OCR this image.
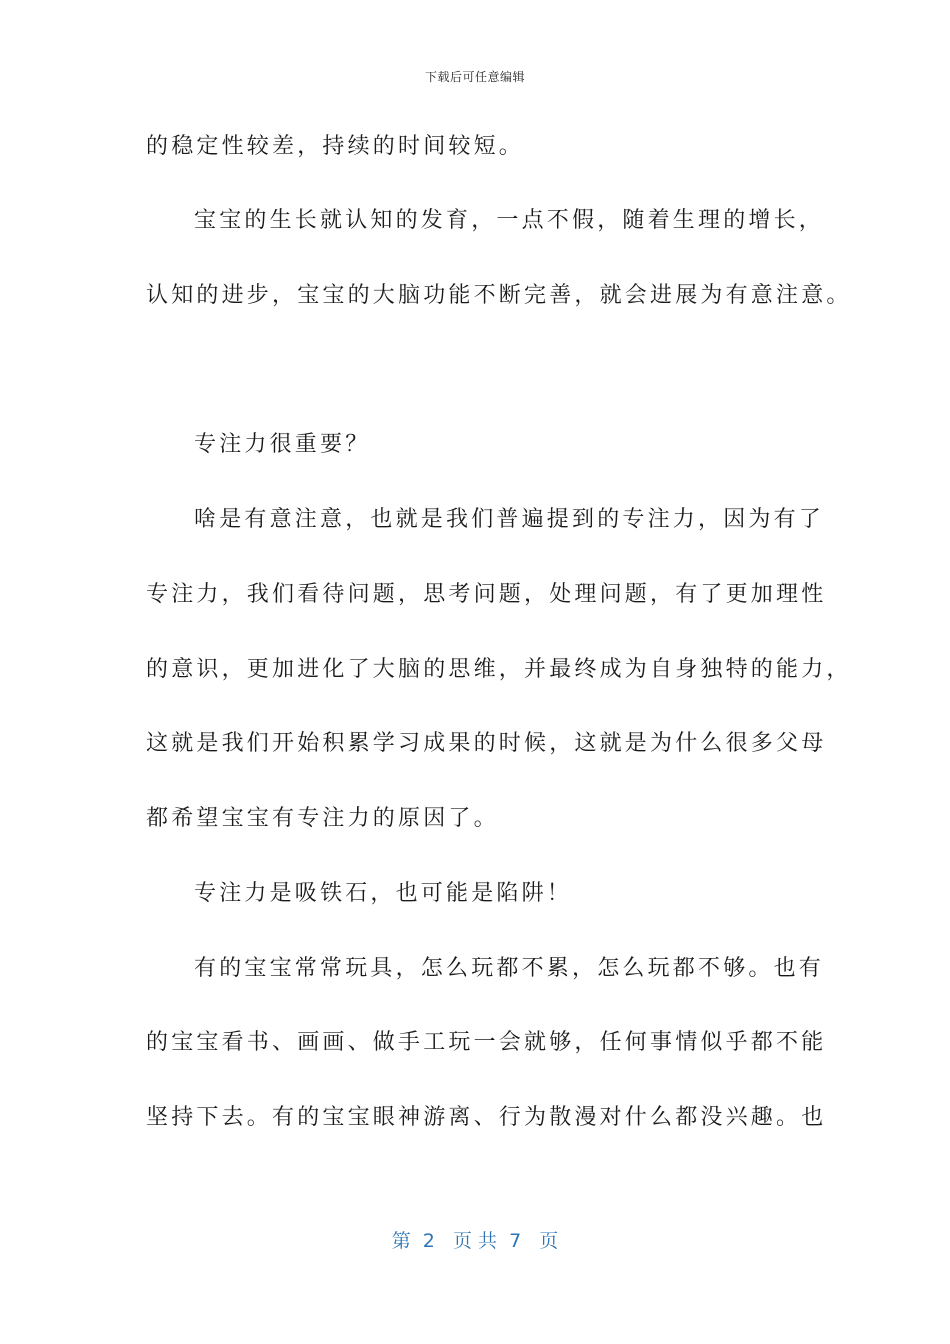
下载后可任意编辑
的稳定性较差，持续的时间较短。
宝宝的生长就认知的发育，一点不假，随着生理的增长，
认知的进步，宝宝的大脑功能不断完善，就会进展为有意注意。
专注力很重要？
啥是有意注意，也就是我们普遍提到的专注力，因为有了
专注力，我们看待问题，思考问题，处理问题，有了更加理性
的意识，更加进化了大脑的思维，并最终成为自身独特的能力，
这就是我们开始积累学习成果的时候，这就是为什么很多父母
都希望宝宝有专注力的原因了。
专注力是吸铁石，也可能是陷阱！
有的宝宝常常玩具，怎么玩都不累，怎么玩都不够。也有
的宝宝看书、画画、做手工玩一会就够，任何事情似乎都不能
坚持下去。有的宝宝眼神游离、行为散漫对什么都没兴趣。也
第  2   页 共  7   页
